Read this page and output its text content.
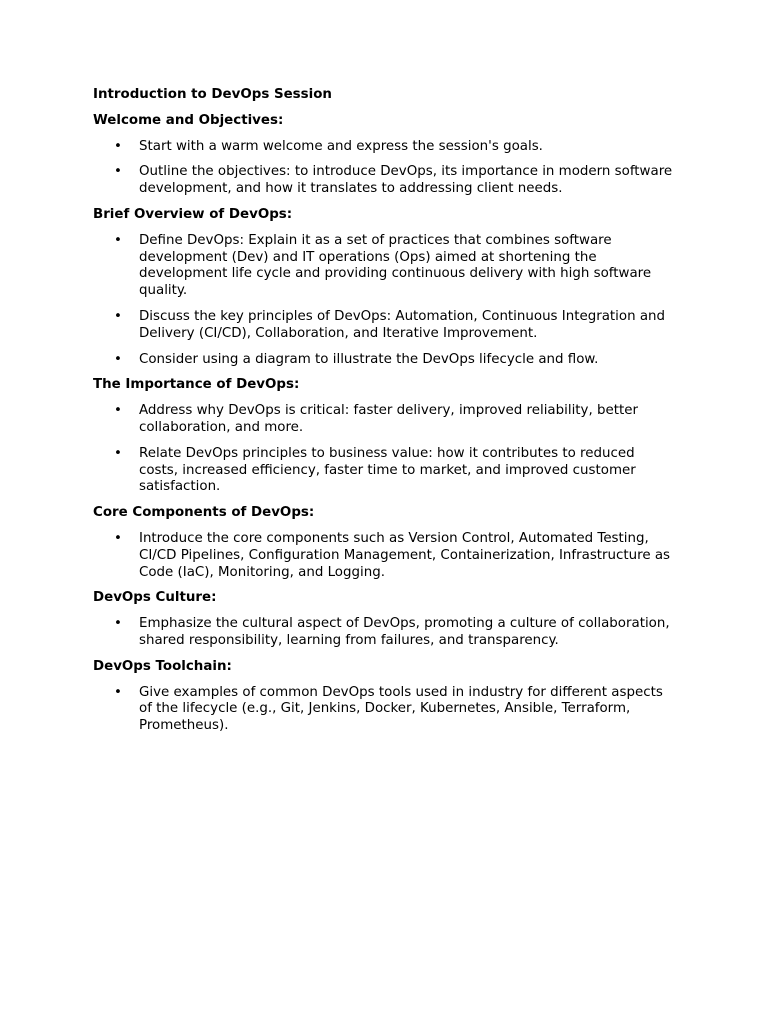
Introduction to DevOps Session
Welcome and Objectives:
• Start with a warm welcome and express the session's goals.
• Outline the objectives: to introduce DevOps, its importance in modern software development, and how it translates to addressing client needs.
Brief Overview of DevOps:
• Define DevOps: Explain it as a set of practices that combines software development (Dev) and IT operations (Ops) aimed at shortening the development life cycle and providing continuous delivery with high software quality.
• Discuss the key principles of DevOps: Automation, Continuous Integration and Delivery (CI/CD), Collaboration, and Iterative Improvement.
• Consider using a diagram to illustrate the DevOps lifecycle and flow.
The Importance of DevOps:
• Address why DevOps is critical: faster delivery, improved reliability, better collaboration, and more.
• Relate DevOps principles to business value: how it contributes to reduced costs, increased efficiency, faster time to market, and improved customer satisfaction.
Core Components of DevOps:
• Introduce the core components such as Version Control, Automated Testing, CI/CD Pipelines, Configuration Management, Containerization, Infrastructure as Code (IaC), Monitoring, and Logging.
DevOps Culture:
• Emphasize the cultural aspect of DevOps, promoting a culture of collaboration, shared responsibility, learning from failures, and transparency.
DevOps Toolchain:
• Give examples of common DevOps tools used in industry for different aspects of the lifecycle (e.g., Git, Jenkins, Docker, Kubernetes, Ansible, Terraform, Prometheus).
